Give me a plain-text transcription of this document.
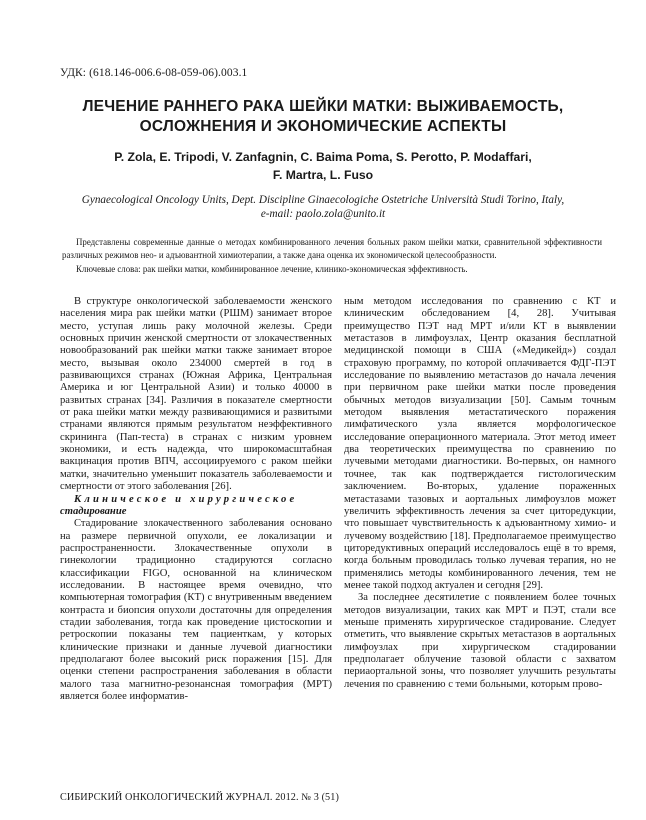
УДК: (618.146-006.6-08-059-06).003.1
ЛЕЧЕНИЕ РАННЕГО РАКА ШЕЙКИ МАТКИ: ВЫЖИВАЕМОСТЬ,
ОСЛОЖНЕНИЯ И ЭКОНОМИЧЕСКИЕ АСПЕКТЫ
P. Zola, E. Tripodi, V. Zanfagnin, C. Baima Poma, S. Perotto, P. Modaffari,
F. Martra, L. Fuso
Gynaecological Oncology Units, Dept. Discipline Ginaecologiche Ostetriche Università Studi Torino, Italy,
e-mail: paolo.zola@unito.it

Представлены современные данные о методах комбинированного лечения больных раком шейки матки, сравнительной эффективности различных режимов нео- и адъювантной химиотерапии, а также дана оценка их экономической целесообразности.

Ключевые слова: рак шейки матки, комбинированное лечение, клинико-экономическая эффективность.

В структуре онкологической заболеваемости женского населения мира рак шейки матки (РШМ) занимает второе место, уступая лишь раку молочной железы. Среди основных причин женской смертности от злокачественных новообразований рак шейки матки также занимает второе место, вызывая около 234000 смертей в год в развивающихся странах (Южная Африка, Центральная Америка и юг Центральной Азии) и только 40000 в развитых странах [34]. Различия в показателе смертности от рака шейки матки между развивающимися и развитыми странами являются прямым результатом неэффективного скрининга (Пап-теста) в странах с низким уровнем экономики, и есть надежда, что широкомасштабная вакцинация против ВПЧ, ассоциируемого с раком шейки матки, значительно уменьшит показатель заболеваемости и смертности от этого заболевания [26].

Клиническое и хирургическое

стадирование

Стадирование злокачественного заболевания основано на размере первичной опухоли, ее локализации и распространенности. Злокачественные опухоли в гинекологии традиционно стадируются согласно классификации FIGO, основанной на клиническом исследовании. В настоящее время очевидно, что компьютерная томография (КТ) с внутривенным введением контраста и биопсия опухоли достаточны для определения стадии заболевания, тогда как проведение цистоскопии и ретроскопии показаны тем пациенткам, у которых клинические признаки и данные лучевой диагностики предполагают более высокий риск поражения [15]. Для оценки степени распространения заболевания в области малого таза магнитно-резонансная томография (МРТ) является более информатив-

ным методом исследования по сравнению с КТ и клиническим обследованием [4, 28]. Учитывая преимущество ПЭТ над МРТ и/или КТ в выявлении метастазов в лимфоузлах, Центр оказания бесплатной медицинской помощи в США («Медикейд») создал страховую программу, по которой оплачивается ФДГ-ПЭТ исследование по выявлению метастазов до начала лечения при первичном раке шейки матки после проведения обычных методов визуализации [50]. Самым точным методом выявления метастатического поражения лимфатического узла является морфологическое исследование операционного материала. Этот метод имеет два теоретических преимущества по сравнению по лучевыми методами диагностики. Во-первых, он намного точнее, так как подтверждается гистологическим заключением. Во-вторых, удаление пораженных метастазами тазовых и аортальных лимфоузлов может увеличить эффективность лечения за счет циторедукции, что повышает чувствительность к адъювантному химио- и лучевому воздействию [18]. Предполагаемое преимущество циторедуктивных операций исследовалось ещё в то время, когда больным проводилась только лучевая терапия, но не применялись методы комбинированного лечения, тем не менее такой подход актуален и сегодня [29].

За последнее десятилетие с появлением более точных методов визуализации, таких как МРТ и ПЭТ, стали все меньше применять хирургическое стадирование. Следует отметить, что выявление скрытых метастазов в аортальных лимфоузлах при хирургическом стадировании предполагает облучение тазовой области с захватом периаортальной зоны, что позволяет улучшить результаты лечения по сравнению с теми больными, которым прово-

СИБИРСКИЙ ОНКОЛОГИЧЕСКИЙ ЖУРНАЛ. 2012. № 3 (51)
